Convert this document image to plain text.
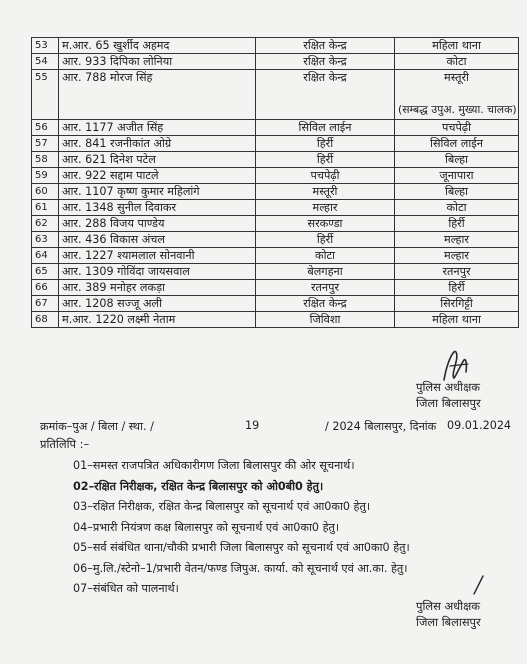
53	म.आर. 65 खुर्शीद अहमद	रक्षित केन्द्र	महिला थाना
54	आर. 933 दिपिका लोनिया	रक्षित केन्द्र	कोटा
55	आर. 788 मोरज सिंह	रक्षित केन्द्र	मस्तूरी
(सम्बद्ध उपुअ. मुख्या. चालक)
56	आर. 1177 अजीत सिंह	सिविल लाईन	पचपेढ़ी
57	आर. 841 रजनीकांत ओग्रे	हिर्री	सिविल लाईन
58	आर. 621 दिनेश पटेल	हिर्री	बिल्हा
59	आर. 922 सद्दाम पाटले	पचपेढ़ी	जूनापारा
60	आर. 1107 कृष्ण कुमार महिलांगे	मस्तूरी	बिल्हा
61	आर. 1348 सुनील दिवाकर	मल्हार	कोटा
62	आर. 288 विजय पाण्डेय	सरकण्डा	हिर्री
63	आर. 436 विकास अंचल	हिर्री	मल्हार
64	आर. 1227 श्यामलाल सोनवानी	कोटा	मल्हार
65	आर. 1309 गोविंदा जायसवाल	बेलगहना	रतनपुर
66	आर. 389 मनोहर लकड़ा	रतनपुर	हिर्री
67	आर. 1208 सज्जू अली	रक्षित केन्द्र	सिरगिट्टी
68	म.आर. 1220 लक्ष्मी नेताम	जिविशा	महिला थाना
पुलिस अधीक्षक
जिला बिलासपुर
क्रमांक–पुअ / बिला / स्था. /	19	/ 2024 बिलासपुर, दिनांक 09.01.2024
प्रतिलिपि :–
01–समस्त राजपत्रित अधिकारीगण जिला बिलासपुर की ओर सूचनार्थ।
02–रक्षित निरीक्षक, रक्षित केन्द्र बिलासपुर को ओ0बी0 हेतु।
03–रक्षित निरीक्षक, रक्षित केन्द्र बिलासपुर को सूचनार्थ एवं आ0का0 हेतु।
04–प्रभारी नियंत्रण कक्ष बिलासपुर को सूचनार्थ एवं आ0का0 हेतु।
05–सर्व संबंधित थाना/चौकी प्रभारी जिला बिलासपुर को सूचनार्थ एवं आ0का0 हेतु।
06–मु.लि./स्टेनो–1/प्रभारी वेतन/फण्ड जिपुअ. कार्या. को सूचनार्थ एवं आ.का. हेतु।
07–संबंधित को पालनार्थ।
पुलिस अधीक्षक
जिला बिलासपुर
